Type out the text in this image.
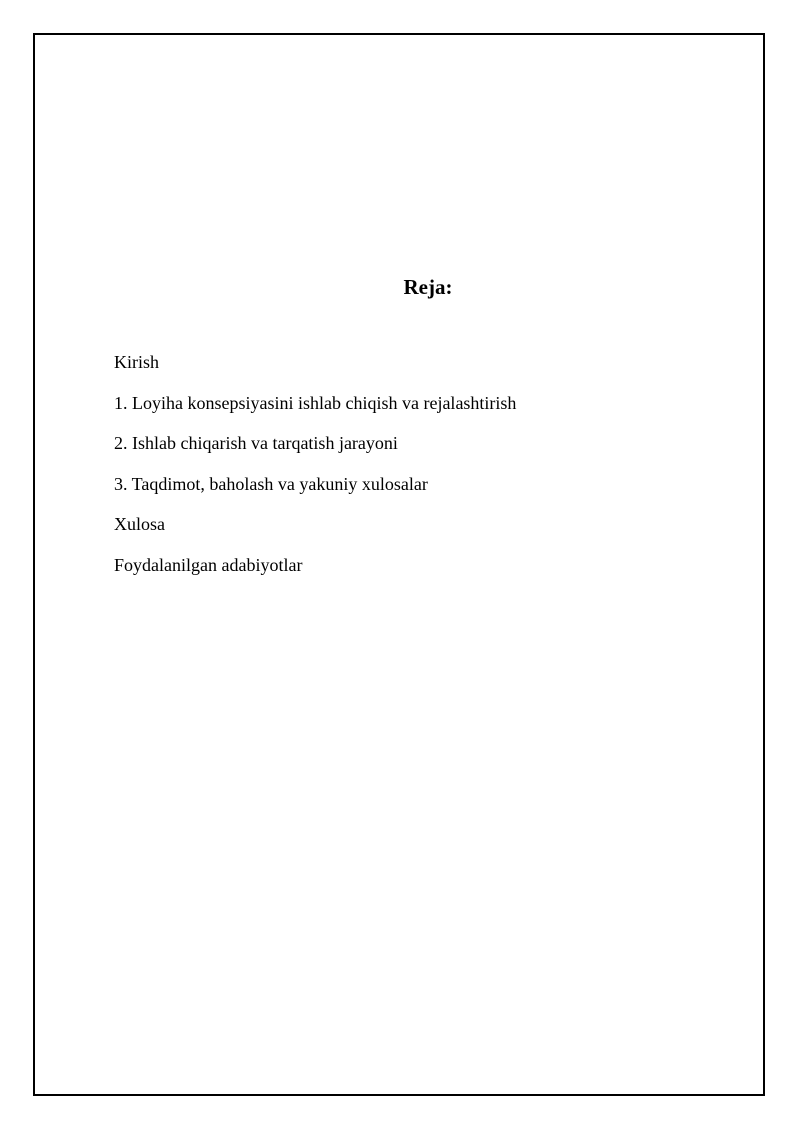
Reja:
Kirish
1. Loyiha konsepsiyasini ishlab chiqish va rejalashtirish
2. Ishlab chiqarish va tarqatish jarayoni
3. Taqdimot, baholash va yakuniy xulosalar
Xulosa
Foydalanilgan adabiyotlar
